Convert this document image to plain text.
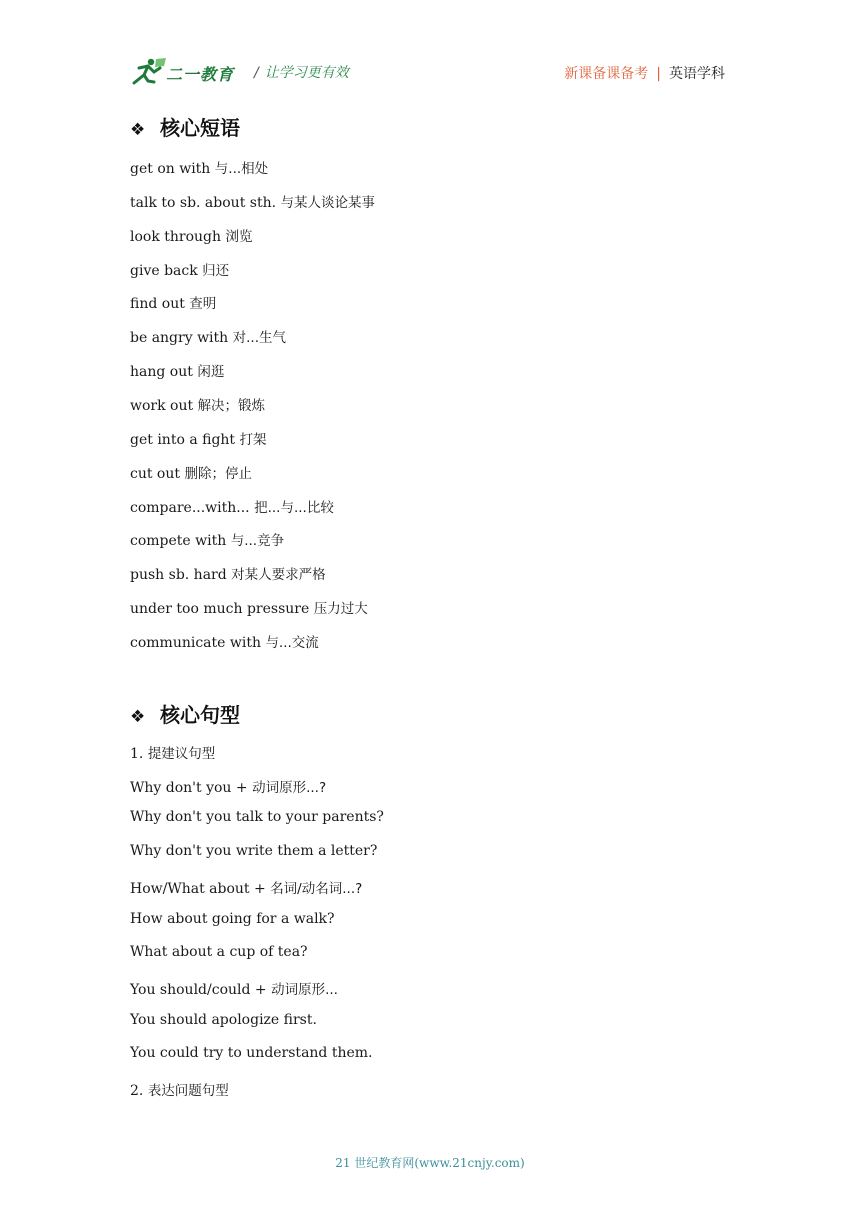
二一教育 / 让学习更有效	新课备课备考 | 英语学科
❖ 核心短语
get on with 与...相处
talk to sb. about sth. 与某人谈论某事
look through 浏览
give back 归还
find out 查明
be angry with 对...生气
hang out 闲逛
work out 解决；锻炼
get into a fight 打架
cut out 删除；停止
compare...with... 把...与...比较
compete with 与...竞争
push sb. hard 对某人要求严格
under too much pressure 压力过大
communicate with 与...交流
❖ 核心句型
1. 提建议句型
Why don't you + 动词原形...?
Why don't you talk to your parents?
Why don't you write them a letter?
How/What about + 名词/动名词...?
How about going for a walk?
What about a cup of tea?
You should/could + 动词原形...
You should apologize first.
You could try to understand them.
2. 表达问题句型
21 世纪教育网(www.21cnjy.com)
